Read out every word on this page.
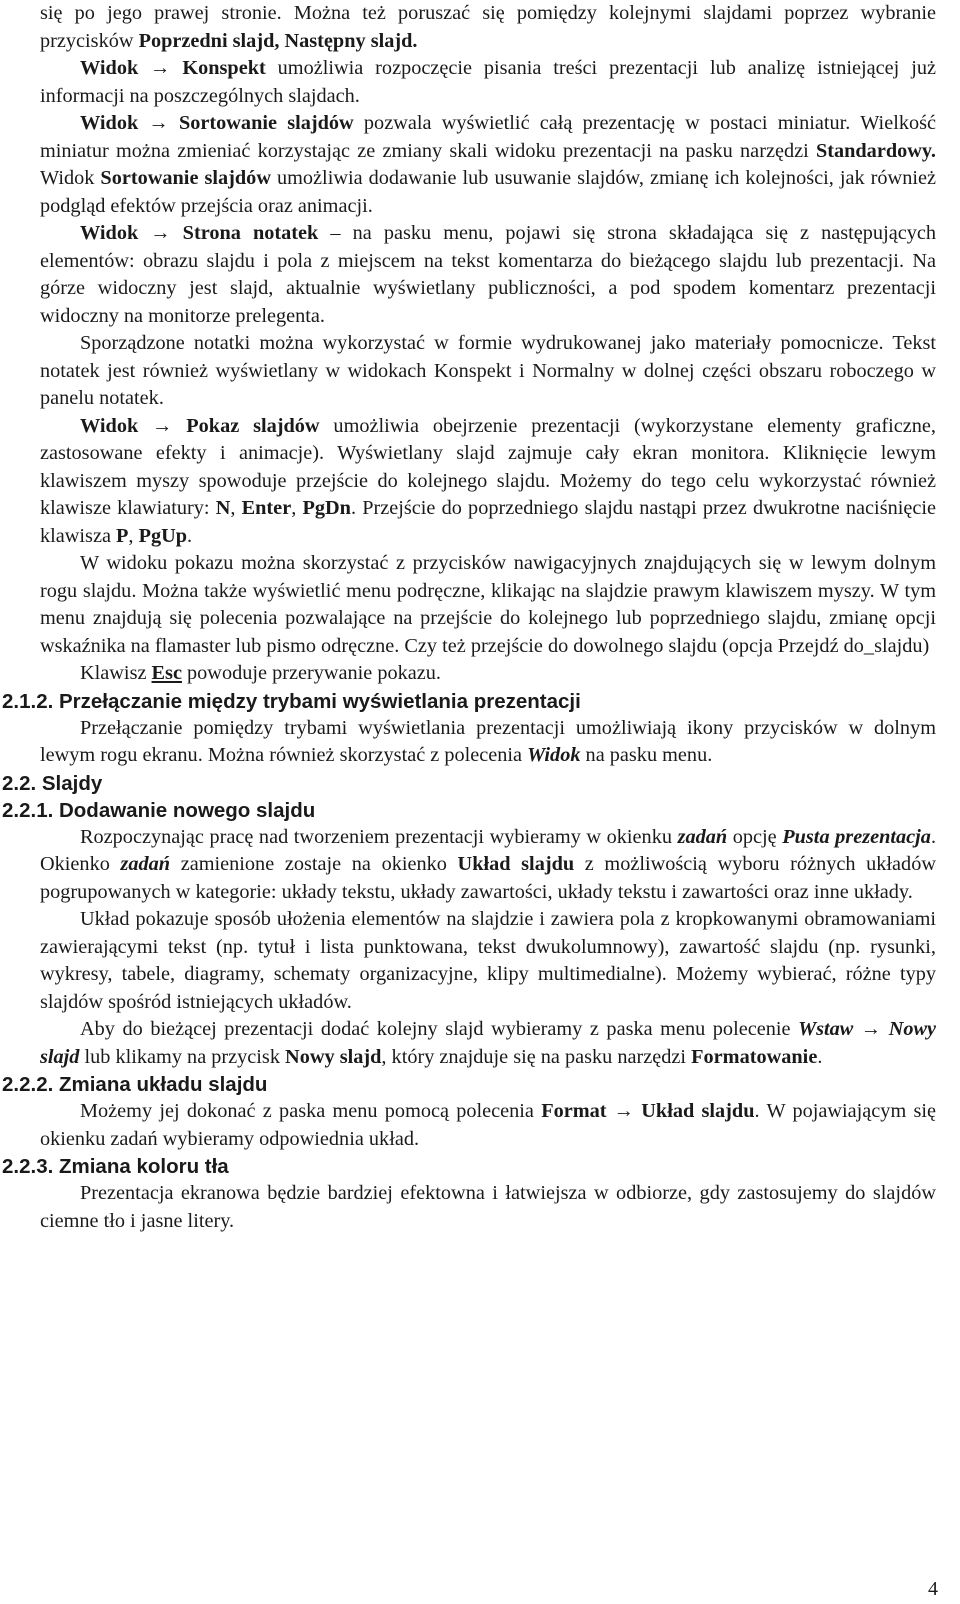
się po jego prawej stronie. Można też poruszać się pomiędzy kolejnymi slajdami poprzez wybranie przycisków Poprzedni slajd, Następny slajd.

Widok → Konspekt umożliwia rozpoczęcie pisania treści prezentacji lub analizę istniejącej już informacji na poszczególnych slajdach.

Widok → Sortowanie slajdów pozwala wyświetlić całą prezentację w postaci miniatur. Wielkość miniatur można zmieniać korzystając ze zmiany skali widoku prezentacji na pasku narzędzi Standardowy. Widok Sortowanie slajdów umożliwia dodawanie lub usuwanie slajdów, zmianę ich kolejności, jak również podgląd efektów przejścia oraz animacji.

Widok → Strona notatek – na pasku menu, pojawi się strona składająca się z następujących elementów: obrazu slajdu i pola z miejscem na tekst komentarza do bieżącego slajdu lub prezentacji. Na górze widoczny jest slajd, aktualnie wyświetlany publiczności, a pod spodem komentarz prezentacji widoczny na monitorze prelegenta.

Sporządzone notatki można wykorzystać w formie wydrukowanej jako materiały pomocnicze. Tekst notatek jest również wyświetlany w widokach Konspekt i Normalny w dolnej części obszaru roboczego w panelu notatek.

Widok → Pokaz slajdów umożliwia obejrzenie prezentacji (wykorzystane elementy graficzne, zastosowane efekty i animacje). Wyświetlany slajd zajmuje cały ekran monitora. Kliknięcie lewym klawiszem myszy spowoduje przejście do kolejnego slajdu. Możemy do tego celu wykorzystać również klawisze klawiatury: N, Enter, PgDn. Przejście do poprzedniego slajdu nastąpi przez dwukrotne naciśnięcie klawisza P, PgUp.

W widoku pokazu można skorzystać z przycisków nawigacyjnych znajdujących się w lewym dolnym rogu slajdu. Można także wyświetlić menu podręczne, klikając na slajdzie prawym klawiszem myszy. W tym menu znajdują się polecenia pozwalające na przejście do kolejnego lub poprzedniego slajdu, zmianę opcji wskaźnika na flamaster lub pismo odręczne. Czy też przejście do dowolnego slajdu (opcja Przejdź do_slajdu)

Klawisz Esc powoduje przerywanie pokazu.

2.1.2. Przełączanie między trybami wyświetlania prezentacji

Przełączanie pomiędzy trybami wyświetlania prezentacji umożliwiają ikony przycisków w dolnym lewym rogu ekranu. Można również skorzystać z polecenia Widok na pasku menu.

2.2. Slajdy
2.2.1. Dodawanie nowego slajdu

Rozpoczynając pracę nad tworzeniem prezentacji wybieramy w okienku zadań opcję Pusta prezentacja. Okienko zadań zamienione zostaje na okienko Układ slajdu z możliwością wyboru różnych układów pogrupowanych w kategorie: układy tekstu, układy zawartości, układy tekstu i zawartości oraz inne układy.

Układ pokazuje sposób ułożenia elementów na slajdzie i zawiera pola z kropkowanymi obramowaniami zawierającymi tekst (np. tytuł i lista punktowana, tekst dwukolumnowy), zawartość slajdu (np. rysunki, wykresy, tabele, diagramy, schematy organizacyjne, klipy multimedialne). Możemy wybierać, różne typy slajdów spośród istniejących układów.

Aby do bieżącej prezentacji dodać kolejny slajd wybieramy z paska menu polecenie Wstaw → Nowy slajd lub klikamy na przycisk Nowy slajd, który znajduje się na pasku narzędzi Formatowanie.

2.2.2. Zmiana układu slajdu

Możemy jej dokonać z paska menu pomocą polecenia Format → Układ slajdu. W pojawiającym się okienku zadań wybieramy odpowiednia układ.

2.2.3. Zmiana koloru tła

Prezentacja ekranowa będzie bardziej efektowna i łatwiejsza w odbiorze, gdy zastosujemy do slajdów ciemne tło i jasne litery.

4
